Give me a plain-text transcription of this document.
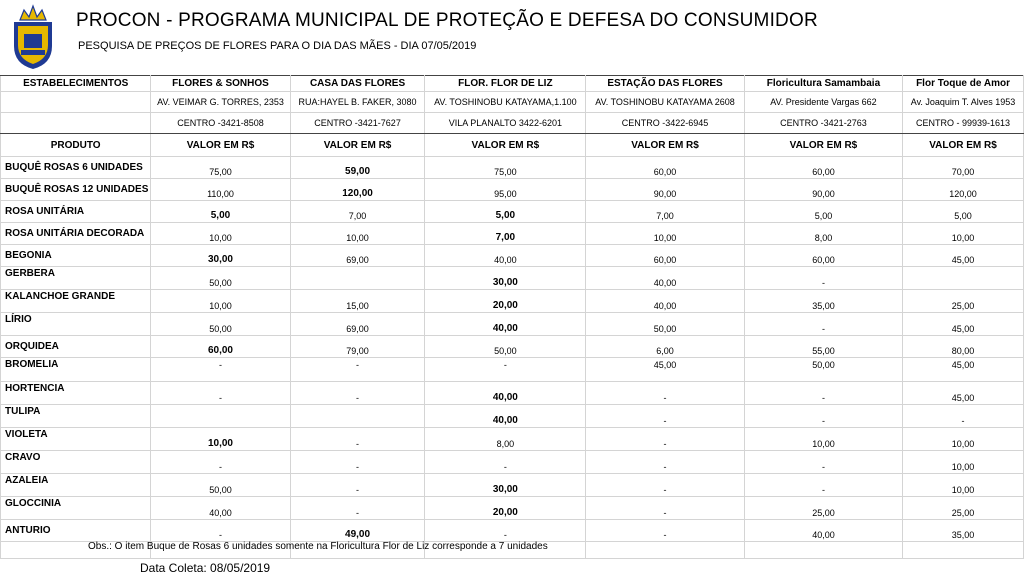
PROCON - PROGRAMA MUNICIPAL DE PROTEÇÃO E DEFESA DO CONSUMIDOR
PESQUISA DE PREÇOS DE FLORES PARA O DIA DAS MÃES - DIA 07/05/2019
ESTABELECIMENTOS	FLORES & SONHOS	CASA DAS FLORES	FLOR. FLOR DE LIZ	ESTAÇÃO DAS FLORES	Floricultura Samambaia	Flor Toque de Amor
	AV. VEIMAR G. TORRES, 2353	RUA:HAYEL B. FAKER, 3080	AV. TOSHINOBU KATAYAMA,1.100	AV. TOSHINOBU KATAYAMA 2608	AV. Presidente Vargas 662	Av. Joaquim T. Alves 1953
	CENTRO -3421-8508	CENTRO -3421-7627	VILA PLANALTO 3422-6201	CENTRO -3422-6945	CENTRO -3421-2763	CENTRO - 99939-1613
PRODUTO	VALOR EM R$	VALOR EM R$	VALOR EM R$	VALOR EM R$	VALOR EM R$	VALOR EM R$
BUQUÊ ROSAS 6 UNIDADES	75,00	59,00	75,00	60,00	60,00	70,00
BUQUÊ ROSAS 12 UNIDADES	110,00	120,00	95,00	90,00	90,00	120,00
ROSA UNITÁRIA	5,00	7,00	5,00	7,00	5,00	5,00
ROSA UNITÁRIA DECORADA	10,00	10,00	7,00	10,00	8,00	10,00
BEGONIA	30,00	69,00	40,00	60,00	60,00	45,00
GERBERA	50,00		30,00	40,00	-	
KALANCHOE GRANDE	10,00	15,00	20,00	40,00	35,00	25,00
LÍRIO	50,00	69,00	40,00	50,00	-	45,00
ORQUIDEA	60,00	79,00	50,00	6,00	55,00	80,00
BROMELIA	-	-	-	45,00	50,00	45,00
HORTENCIA	-	-	40,00	-	-	45,00
TULIPA			40,00	-	-	-
VIOLETA	10,00	-	8,00	-	10,00	10,00
CRAVO	-	-	-	-	-	10,00
AZALEIA	50,00	-	30,00	-	-	10,00
GLOCCINIA	40,00	-	20,00	-	25,00	25,00
ANTURIO	-	49,00	-	-	40,00	35,00

Obs.: O item Buque de Rosas 6 unidades somente na Floricultura Flor de Liz corresponde a 7 unidades
Data Coleta: 08/05/2019
